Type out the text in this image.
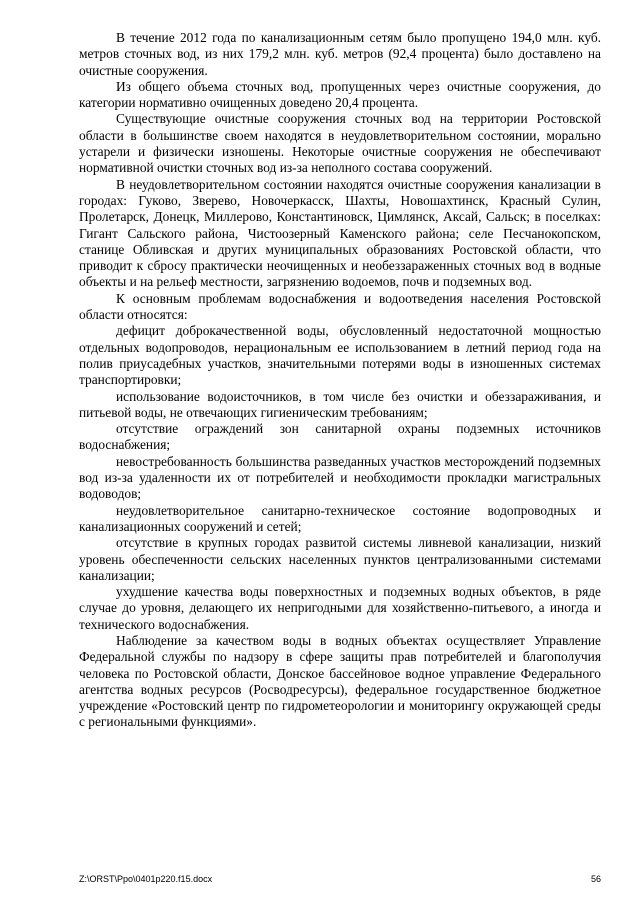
В течение 2012 года по канализационным сетям было пропущено 194,0 млн. куб. метров сточных вод, из них 179,2 млн. куб. метров (92,4 процента) было доставлено на очистные сооружения.

Из общего объема сточных вод, пропущенных через очистные сооружения, до категории нормативно очищенных доведено 20,4 процента.

Существующие очистные сооружения сточных вод на территории Ростовской области в большинстве своем находятся в неудовлетворительном состоянии, морально устарели и физически изношены. Некоторые очистные сооружения не обеспечивают нормативной очистки сточных вод из-за неполного состава сооружений.

В неудовлетворительном состоянии находятся очистные сооружения канализации в городах: Гуково, Зверево, Новочеркасск, Шахты, Новошахтинск, Красный Сулин, Пролетарск, Донецк, Миллерово, Константиновск, Цимлянск, Аксай, Сальск; в поселках: Гигант Сальского района, Чистоозерный Каменского района; селе Песчанокопском, станице Обливская и других муниципальных образованиях Ростовской области, что приводит к сбросу практически неочищенных и необеззараженных сточных вод в водные объекты и на рельеф местности, загрязнению водоемов, почв и подземных вод.

К основным проблемам водоснабжения и водоотведения населения Ростовской области относятся:

дефицит доброкачественной воды, обусловленный недостаточной мощностью отдельных водопроводов, нерациональным ее использованием в летний период года на полив приусадебных участков, значительными потерями воды в изношенных системах транспортировки;

использование водоисточников, в том числе без очистки и обеззараживания, и питьевой воды, не отвечающих гигиеническим требованиям;

отсутствие ограждений зон санитарной охраны подземных источников водоснабжения;

невостребованность большинства разведанных участков месторождений подземных вод из-за удаленности их от потребителей и необходимости прокладки магистральных водоводов;

неудовлетворительное санитарно-техническое состояние водопроводных и канализационных сооружений и сетей;

отсутствие в крупных городах развитой системы ливневой канализации, низкий уровень обеспеченности сельских населенных пунктов централизованными системами канализации;

ухудшение качества воды поверхностных и подземных водных объектов, в ряде случае до уровня, делающего их непригодными для хозяйственно-питьевого, а иногда и технического водоснабжения.

Наблюдение за качеством воды в водных объектах осуществляет Управление Федеральной службы по надзору в сфере защиты прав потребителей и благополучия человека по Ростовской области, Донское бассейновое водное управление Федерального агентства водных ресурсов (Росводресурсы), федеральное государственное бюджетное учреждение «Ростовский центр по гидрометеорологии и мониторингу окружающей среды с региональными функциями».

Z:\ORST\Ppo\0401p220.f15.docx	56
